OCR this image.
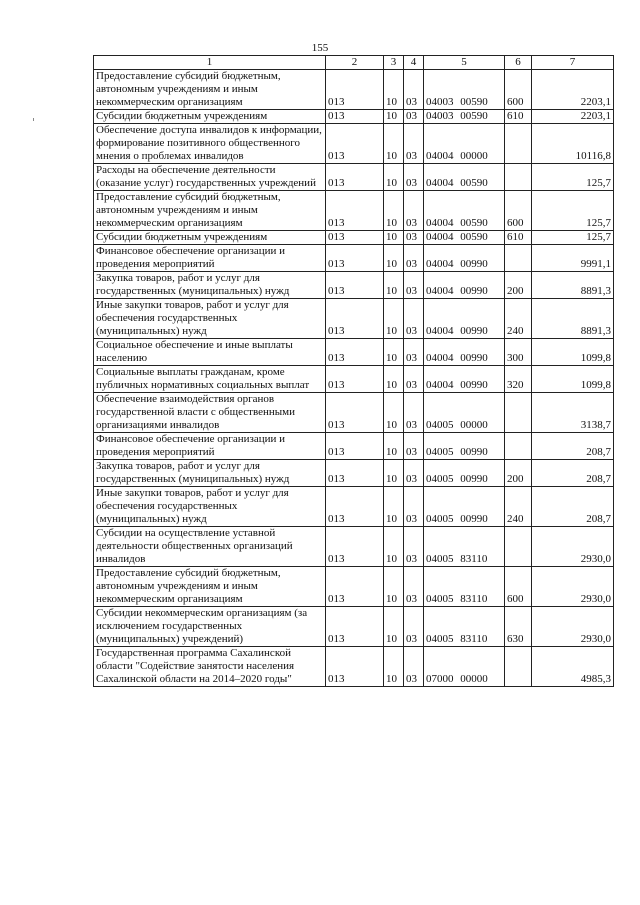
155
1	2	3	4	5	6	7
Предоставление субсидий бюджетным, автономным учреждениям и иным некоммерческим организациям	013	10	03	04003 00590	600	2203,1
Субсидии бюджетным учреждениям	013	10	03	04003 00590	610	2203,1
Обеспечение доступа инвалидов к информации, формирование позитивного общественного мнения о проблемах инвалидов	013	10	03	04004 00000		10116,8
Расходы на обеспечение деятельности (оказание услуг) государственных учреждений	013	10	03	04004 00590		125,7
Предоставление субсидий бюджетным, автономным учреждениям и иным некоммерческим организациям	013	10	03	04004 00590	600	125,7
Субсидии бюджетным учреждениям	013	10	03	04004 00590	610	125,7
Финансовое обеспечение организации и проведения мероприятий	013	10	03	04004 00990		9991,1
Закупка товаров, работ и услуг для государственных (муниципальных) нужд	013	10	03	04004 00990	200	8891,3
Иные закупки товаров, работ и услуг для обеспечения государственных (муниципальных) нужд	013	10	03	04004 00990	240	8891,3
Социальное обеспечение и иные выплаты населению	013	10	03	04004 00990	300	1099,8
Социальные выплаты гражданам, кроме публичных нормативных социальных выплат	013	10	03	04004 00990	320	1099,8
Обеспечение взаимодействия органов государственной власти с общественными организациями инвалидов	013	10	03	04005 00000		3138,7
Финансовое обеспечение организации и проведения мероприятий	013	10	03	04005 00990		208,7
Закупка товаров, работ и услуг для государственных (муниципальных) нужд	013	10	03	04005 00990	200	208,7
Иные закупки товаров, работ и услуг для обеспечения государственных (муниципальных) нужд	013	10	03	04005 00990	240	208,7
Субсидии на осуществление уставной деятельности общественных организаций инвалидов	013	10	03	04005 83110		2930,0
Предоставление субсидий бюджетным, автономным учреждениям и иным некоммерческим организациям	013	10	03	04005 83110	600	2930,0
Субсидии некоммерческим организациям (за исключением государственных (муниципальных) учреждений)	013	10	03	04005 83110	630	2930,0
Государственная программа Сахалинской области "Содействие занятости населения Сахалинской области на 2014–2020 годы"	013	10	03	07000 00000		4985,3
